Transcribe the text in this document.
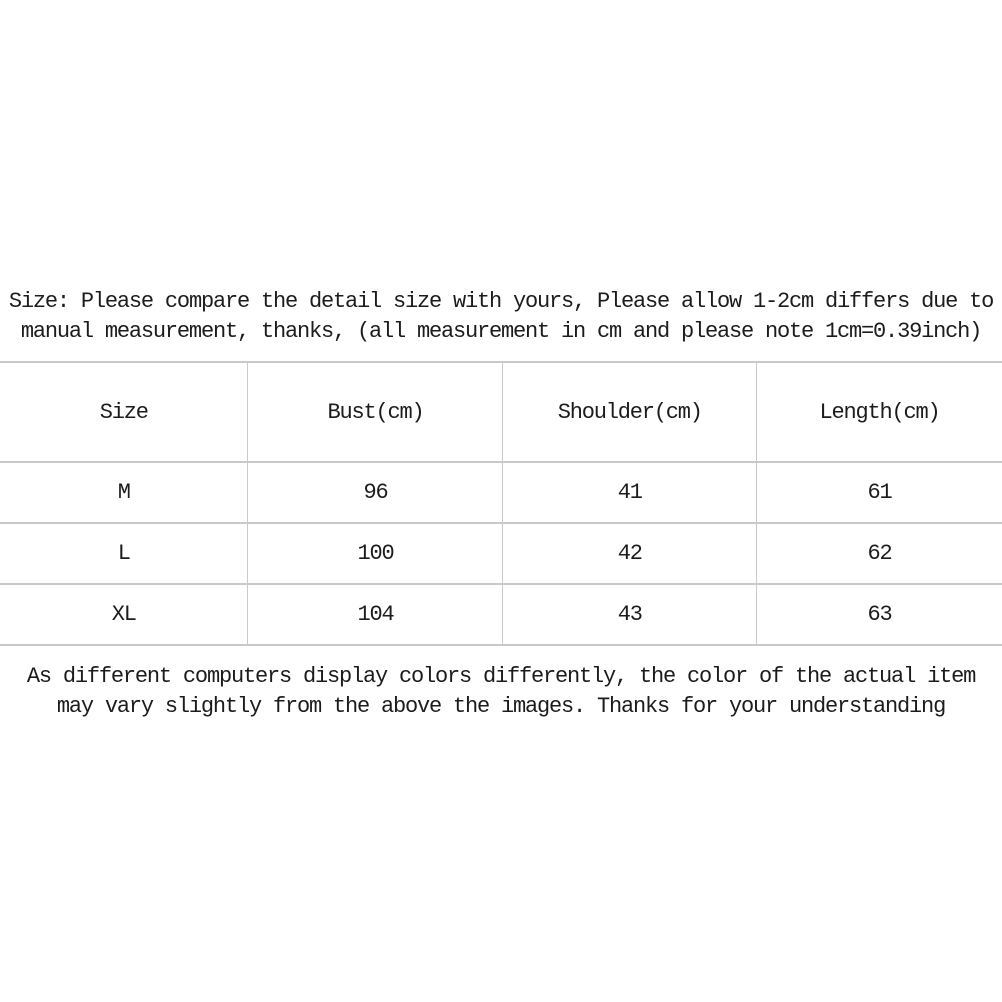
Size: Please compare the detail size with yours, Please allow 1-2cm differs due to
manual measurement, thanks, (all measurement in cm and please note 1cm=0.39inch)
Size	Bust(cm)	Shoulder(cm)	Length(cm)
M	96	41	61
L	100	42	62
XL	104	43	63
As different computers display colors differently, the color of the actual item
may vary slightly from the above the images. Thanks for your understanding
